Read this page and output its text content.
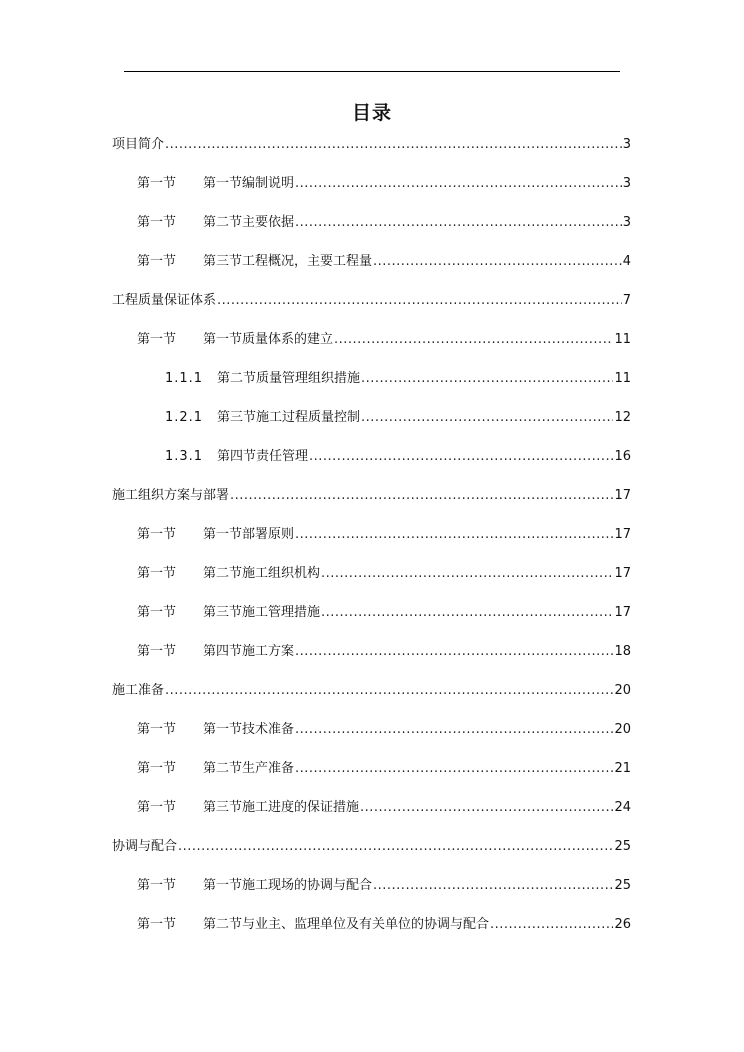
目录
项目简介 .....	3
第一节	第一节编制说明 .....	3
第一节	第二节主要依据 .....	3
第一节	第三节工程概况，主要工程量 .....	4
工程质量保证体系 .....	7
第一节	第一节质量体系的建立 .....	11
1.1.1	第二节质量管理组织措施 .....	11
1.2.1	第三节施工过程质量控制 .....	12
1.3.1	第四节责任管理 .....	16
施工组织方案与部署 .....	17
第一节	第一节部署原则 .....	17
第一节	第二节施工组织机构 .....	17
第一节	第三节施工管理措施 .....	17
第一节	第四节施工方案 .....	18
施工准备 .....	20
第一节	第一节技术准备 .....	20
第一节	第二节生产准备 .....	21
第一节	第三节施工进度的保证措施 .....	24
协调与配合 .....	25
第一节	第一节施工现场的协调与配合 .....	25
第一节	第二节与业主、监理单位及有关单位的协调与配合 .....	26
